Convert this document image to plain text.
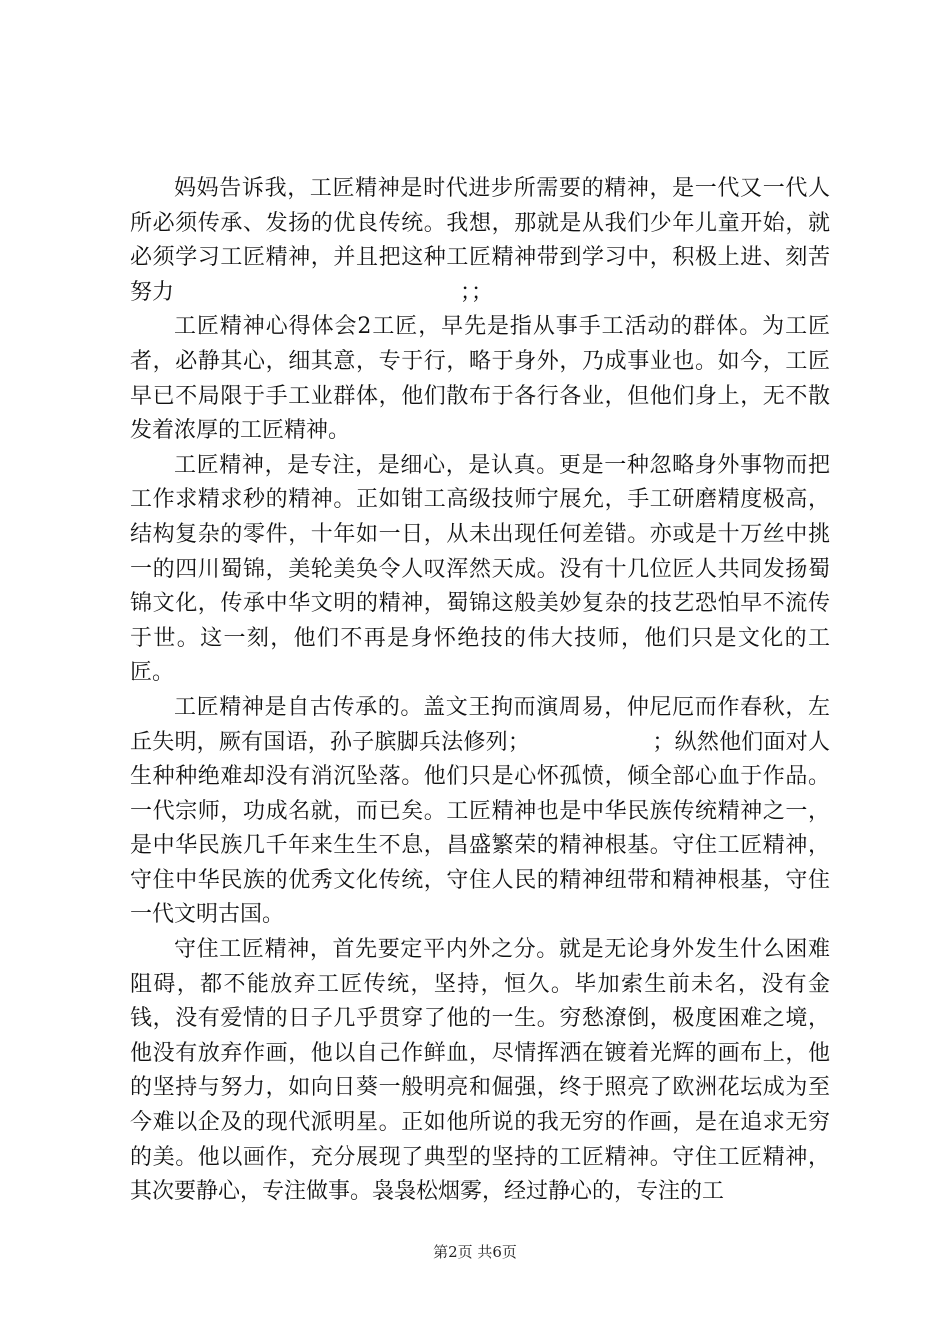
妈妈告诉我，工匠精神是时代进步所需要的精神，是一代又一代人所必须传承、发扬的优良传统。我想，那就是从我们少年儿童开始，就必须学习工匠精神，并且把这种工匠精神带到学习中，积极上进、刻苦努力　　　　　　　　　　　　　；；

工匠精神心得体会2工匠，早先是指从事手工活动的群体。为工匠者，必静其心，细其意，专于行，略于身外，乃成事业也。如今，工匠早已不局限于手工业群体，他们散布于各行各业，但他们身上，无不散发着浓厚的工匠精神。

工匠精神，是专注，是细心，是认真。更是一种忽略身外事物而把工作求精求秒的精神。正如钳工高级技师宁展允，手工研磨精度极高，结构复杂的零件，十年如一日，从未出现任何差错。亦或是十万丝中挑一的四川蜀锦，美轮美奂令人叹浑然天成。没有十几位匠人共同发扬蜀锦文化，传承中华文明的精神，蜀锦这般美妙复杂的技艺恐怕早不流传于世。这一刻，他们不再是身怀绝技的伟大技师，他们只是文化的工匠。

工匠精神是自古传承的。盖文王拘而演周易，仲尼厄而作春秋，左丘失明，厥有国语，孙子膑脚兵法修列；　　　　　　；纵然他们面对人生种种绝难却没有消沉坠落。他们只是心怀孤愤，倾全部心血于作品。一代宗师，功成名就，而已矣。工匠精神也是中华民族传统精神之一，是中华民族几千年来生生不息，昌盛繁荣的精神根基。守住工匠精神，守住中华民族的优秀文化传统，守住人民的精神纽带和精神根基，守住一代文明古国。

守住工匠精神，首先要定平内外之分。就是无论身外发生什么困难阻碍，都不能放弃工匠传统，坚持，恒久。毕加索生前未名，没有金钱，没有爱情的日子几乎贯穿了他的一生。穷愁潦倒，极度困难之境，他没有放弃作画，他以自己作鲜血，尽情挥洒在镀着光辉的画布上，他的坚持与努力，如向日葵一般明亮和倔强，终于照亮了欧洲花坛成为至今难以企及的现代派明星。正如他所说的我无穷的作画，是在追求无穷的美。他以画作，充分展现了典型的坚持的工匠精神。守住工匠精神，其次要静心，专注做事。袅袅松烟雾，经过静心的，专注的工

第2页 共6页
